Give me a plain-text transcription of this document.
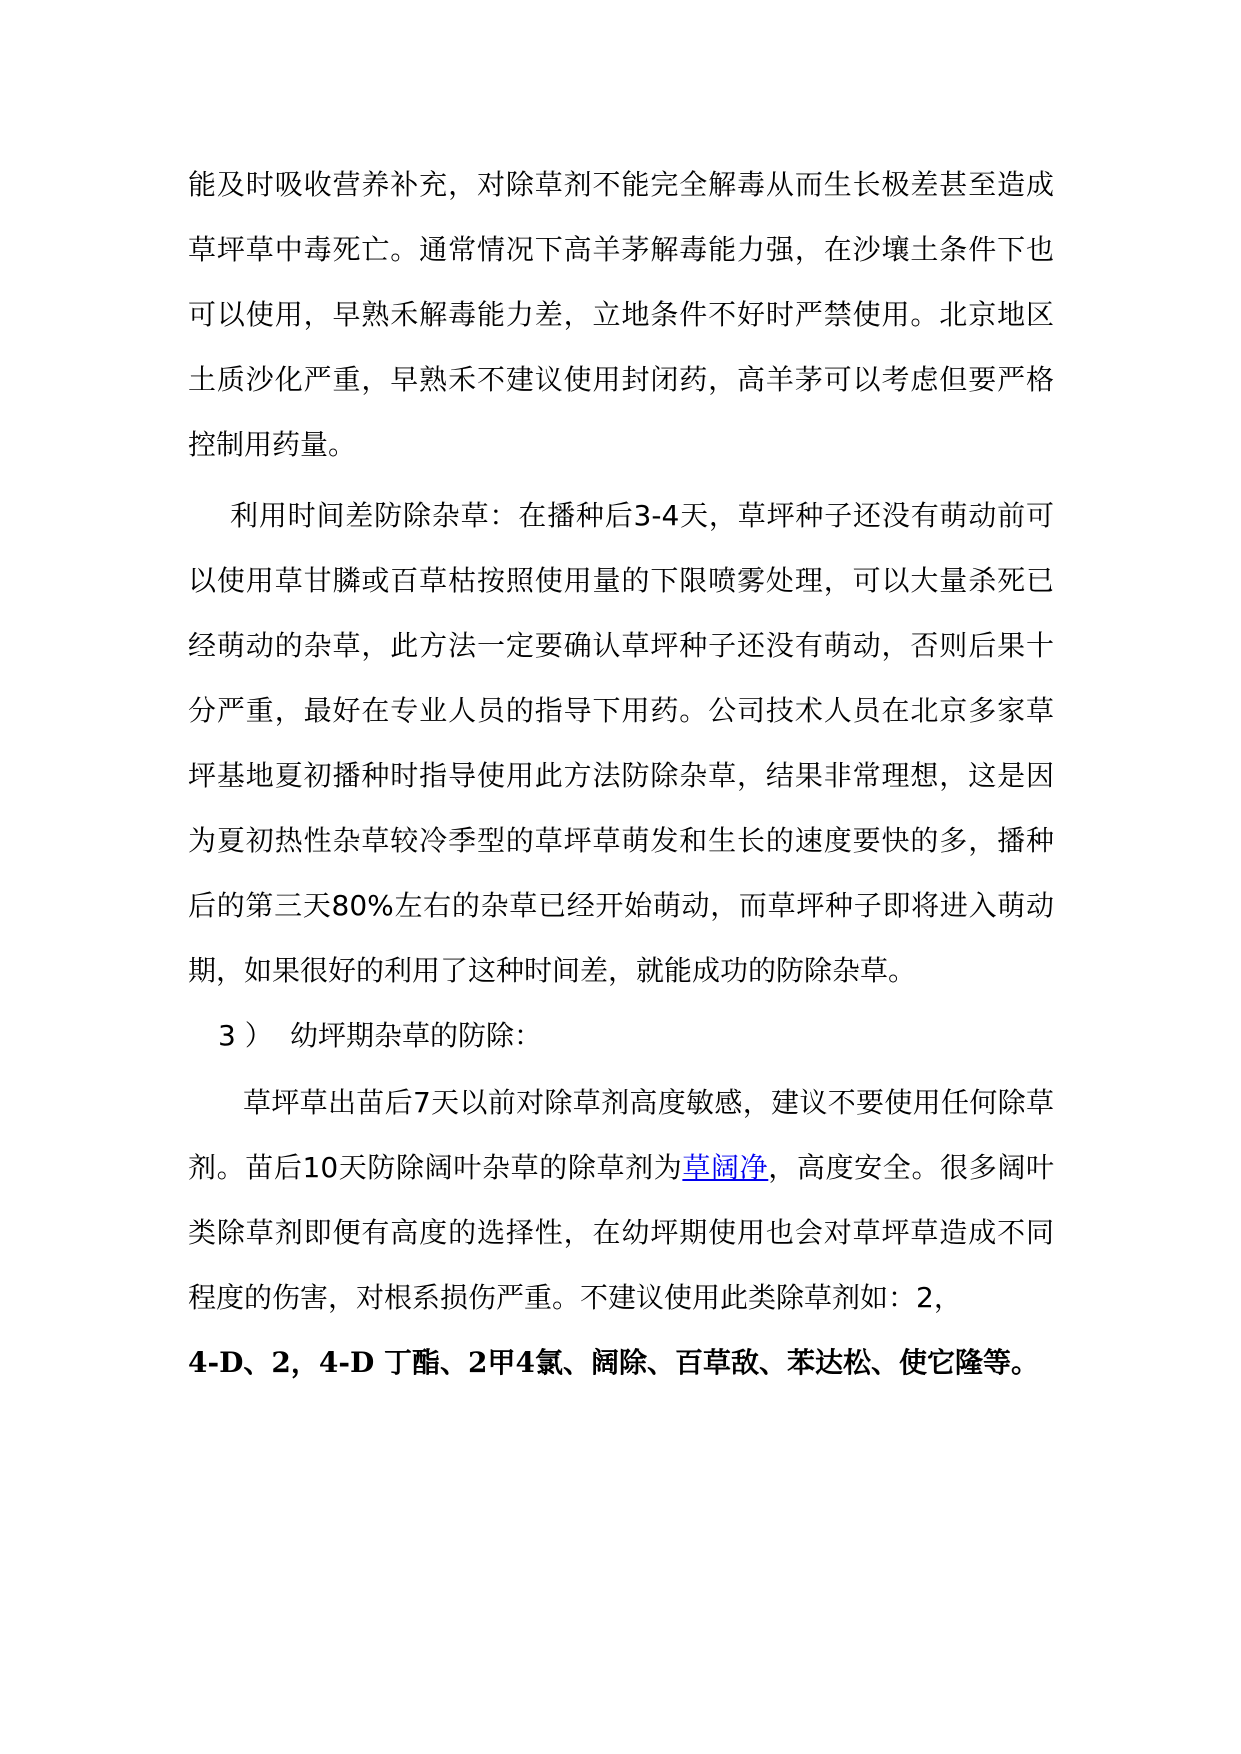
能及时吸收营养补充，对除草剂不能完全解毒从而生长极差甚至造成草坪草中毒死亡。通常情况下高羊茅解毒能力强，在沙壤土条件下也可以使用，早熟禾解毒能力差，立地条件不好时严禁使用。北京地区土质沙化严重，早熟禾不建议使用封闭药，高羊茅可以考虑但要严格控制用药量。

利用时间差防除杂草：在播种后3-4天，草坪种子还没有萌动前可以使用草甘膦或百草枯按照使用量的下限喷雾处理，可以大量杀死已经萌动的杂草，此方法一定要确认草坪种子还没有萌动，否则后果十分严重，最好在专业人员的指导下用药。公司技术人员在北京多家草坪基地夏初播种时指导使用此方法防除杂草，结果非常理想，这是因为夏初热性杂草较冷季型的草坪草萌发和生长的速度要快的多，播种后的第三天80%左右的杂草已经开始萌动，而草坪种子即将进入萌动期，如果很好的利用了这种时间差，就能成功的防除杂草。

3 ） 幼坪期杂草的防除：

草坪草出苗后7天以前对除草剂高度敏感，建议不要使用任何除草剂。苗后10天防除阔叶杂草的除草剂为草阔净，高度安全。很多阔叶类除草剂即便有高度的选择性，在幼坪期使用也会对草坪草造成不同程度的伤害，对根系损伤严重。不建议使用此类除草剂如：2，
4-D、2，4-D 丁酯、2甲4氯、阔除、百草敌、苯达松、使它隆等。
